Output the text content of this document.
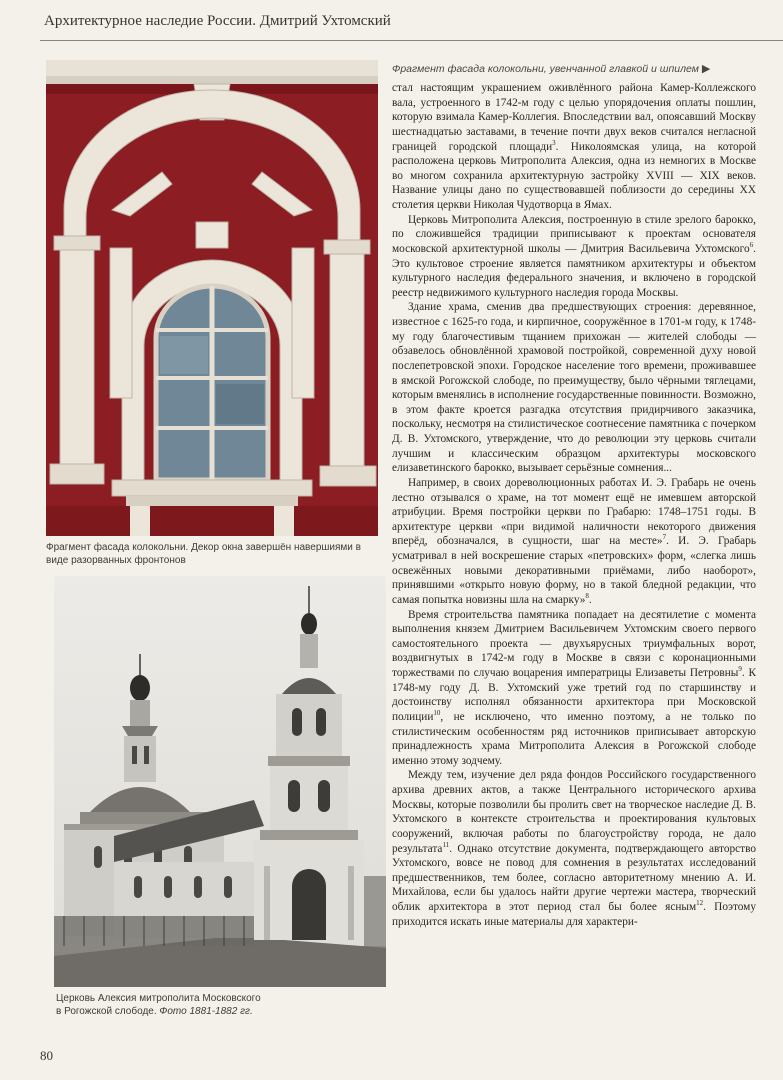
Архитектурное наследие России. Дмитрий Ухтомский
Фрагмент фасада колокольни. Декор окна завершён навершиями в виде разорванных фронтонов
Церковь Алексия митрополита Московского
в Рогожской слободе. Фото 1881-1882 гг.
Фрагмент фасада колокольни, увенчанной главкой и шпилем ▶

стал настоящим украшением оживлённого района Камер-Коллежского вала, устроенного в 1742-м году с целью упорядочения оплаты пошлин, которую взимала Камер-Коллегия. Впоследствии вал, опоясавший Москву шестнадцатью заставами, в течение почти двух веков считался негласной границей городской площади$^3$. Николоямская улица, на которой расположена церковь Митрополита Алексия, одна из немногих в Москве во многом сохранила архитектурную застройку XVIII — XIX веков. Название улицы дано по существовавшей поблизости до середины XX столетия церкви Николая Чудотворца в Ямах.

Церковь Митрополита Алексия, построенную в стиле зрелого барокко, по сложившейся традиции приписывают к проектам основателя московской архитектурной школы — Дмитрия Васильевича Ухтомского$^6$. Это культовое строение является памятником архитектуры и объектом культурного наследия федерального значения, и включено в городской реестр недвижимого культурного наследия города Москвы.

Здание храма, сменив два предшествующих строения: деревянное, известное с 1625-го года, и кирпичное, сооружённое в 1701-м году, к 1748-му году благочестивым тщанием прихожан — жителей слободы — обзавелось обновлённой храмовой постройкой, современной духу новой послепетровской эпохи. Городское население того времени, проживавшее в ямской Рогожской слободе, по преимуществу, было чёрными тяглецами, которым вменялись в исполнение государственные повинности. Возможно, в этом факте кроется разгадка отсутствия придирчивого заказчика, поскольку, несмотря на стилистическое соотнесение памятника с почерком Д. В. Ухтомского, утверждение, что до революции эту церковь считали лучшим и классическим образцом архитектуры московского елизаветинского барокко, вызывает серьёзные сомнения...

Например, в своих дореволюционных работах И. Э. Грабарь не очень лестно отзывался о храме, на тот момент ещё не имевшем авторской атрибуции. Время постройки церкви по Грабарю: 1748–1751 годы. В архитектуре церкви «при видимой наличности некоторого движения вперёд, обозначался, в сущности, шаг на месте»$^7$. И. Э. Грабарь усматривал в ней воскрешение старых «петровских» форм, «слегка лишь освежённых новыми декоративными приёмами, либо наоборот», принявшими «открыто новую форму, но в такой бледной редакции, что самая попытка новизны шла на смарку»$^8$.

Время строительства памятника попадает на десятилетие с момента выполнения князем Дмитрием Васильевичем Ухтомским своего первого самостоятельного проекта — двухъярусных триумфальных ворот, воздвигнутых в 1742-м году в Москве в связи с коронационными торжествами по случаю воцарения императрицы Елизаветы Петровны$^9$. К 1748-му году Д. В. Ухтомский уже третий год по старшинству и достоинству исполнял обязанности архитектора при Московской полиции$^{10}$, не исключено, что именно поэтому, а не только по стилистическим особенностям ряд источников приписывает авторскую принадлежность храма Митрополита Алексия в Рогожской слободе именно этому зодчему.

Между тем, изучение дел ряда фондов Российского государственного архива древних актов, а также Центрального исторического архива Москвы, которые позволили бы пролить свет на творческое наследие Д. В. Ухтомского в контексте строительства и проектирования культовых сооружений, включая работы по благоустройству города, не дало результата$^{11}$. Однако отсутствие документа, подтверждающего авторство Ухтомского, вовсе не повод для сомнения в результатах исследований предшественников, тем более, согласно авторитетному мнению А. И. Михайлова, если бы удалось найти другие чертежи мастера, творческий облик архитектора в этот период стал бы более ясным$^{12}$. Поэтому приходится искать иные материалы для характери-

80
